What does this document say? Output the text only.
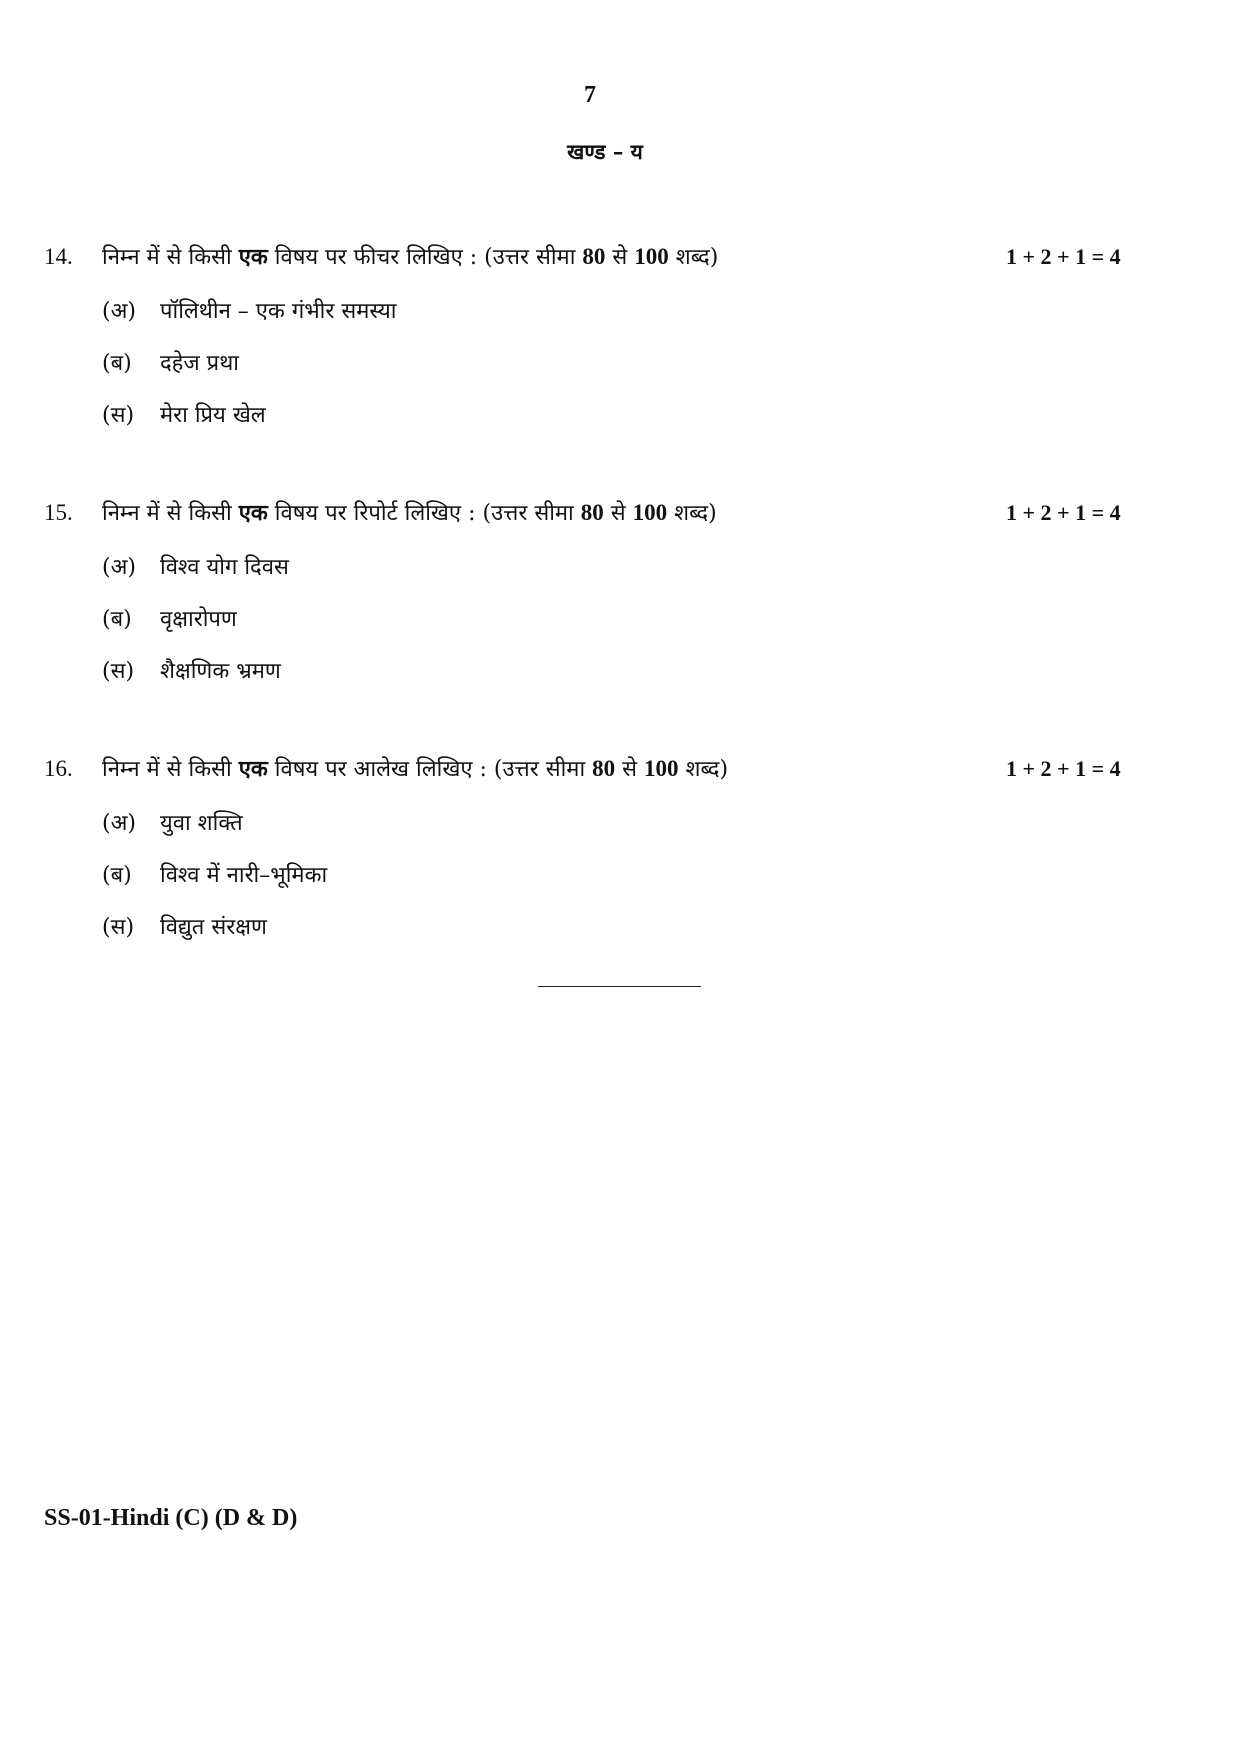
7
खण्ड – य
14. निम्न में से किसी एक विषय पर फीचर लिखिए : (उत्तर सीमा 80 से 100 शब्द)	1 + 2 + 1 = 4
(अ) पॉलिथीन – एक गंभीर समस्या
(ब) दहेज प्रथा
(स) मेरा प्रिय खेल
15. निम्न में से किसी एक विषय पर रिपोर्ट लिखिए : (उत्तर सीमा 80 से 100 शब्द)	1 + 2 + 1 = 4
(अ) विश्व योग दिवस
(ब) वृक्षारोपण
(स) शैक्षणिक भ्रमण
16. निम्न में से किसी एक विषय पर आलेख लिखिए : (उत्तर सीमा 80 से 100 शब्द)	1 + 2 + 1 = 4
(अ) युवा शक्ति
(ब) विश्व में नारी–भूमिका
(स) विद्युत संरक्षण
SS-01-Hindi (C) (D & D)
